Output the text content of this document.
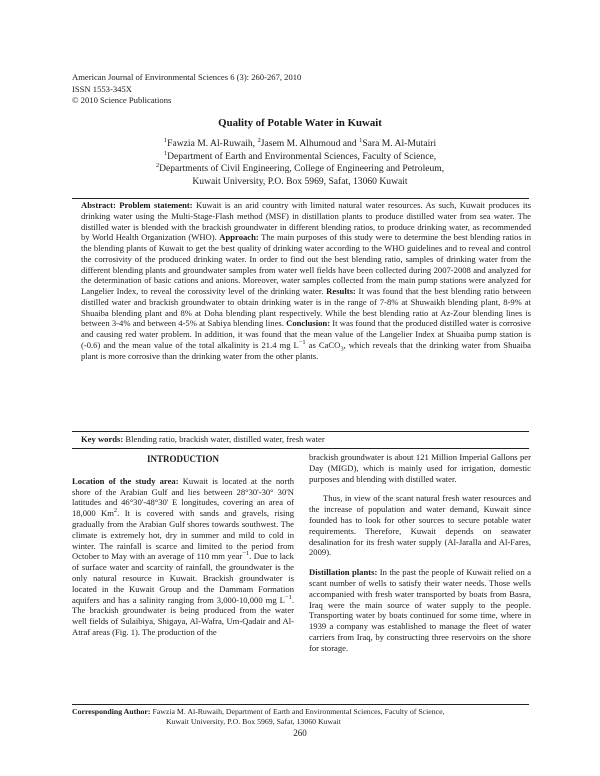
American Journal of Environmental Sciences 6 (3): 260-267, 2010
ISSN 1553-345X
© 2010 Science Publications
Quality of Potable Water in Kuwait
$^1$Fawzia M. Al-Ruwaih, $^2$Jasem M. Alhumoud and $^1$Sara M. Al-Mutairi
$^1$Department of Earth and Environmental Sciences, Faculty of Science,
$^2$Departments of Civil Engineering, College of Engineering and Petroleum,
Kuwait University, P.O. Box 5969, Safat, 13060 Kuwait

Abstract: Problem statement: Kuwait is an arid country with limited natural water resources. As such, Kuwait produces its drinking water using the Multi-Stage-Flash method (MSF) in distillation plants to produce distilled water from sea water. The distilled water is blended with the brackish groundwater in different blending ratios, to produce drinking water, as recommended by World Health Organization (WHO). Approach: The main purposes of this study were to determine the best blending ratios in the blending plants of Kuwait to get the best quality of drinking water according to the WHO guidelines and to reveal and control the corrosivity of the produced drinking water. In order to find out the best blending ratio, samples of drinking water from the different blending plants and groundwater samples from water well fields have been collected during 2007-2008 and analyzed for the determination of basic cations and anions. Moreover, water samples collected from the main pump stations were analyzed for Langelier Index, to reveal the corossivity level of the drinking water. Results: It was found that the best blending ratio between distilled water and brackish groundwater to obtain drinking water is in the range of 7-8% at Shuwaikh blending plant, 8-9% at Shuaiba blending plant and 8% at Doha blending plant respectively. While the best blending ratio at Az-Zour blending lines is between 3-4% and between 4-5% at Sabiya blending lines. Conclusion: It was found that the produced distilled water is corrosive and causing red water problem. In addition, it was found that the mean value of the Langelier Index at Shuaiba pump station is (-0.6) and the mean value of the total alkalinity is 21.4 mg $L^{-1}$ as CaCO$_3$, which reveals that the drinking water from Shuaiba plant is more corrosive than the drinking water from the other plants.

Key words: Blending ratio, brackish water, distilled water, fresh water

INTRODUCTION

Location of the study area: Kuwait is located at the north shore of the Arabian Gulf and lies between 28°30'-30° 30'N latitudes and 46°30'-48°30' E longitudes, covering an area of 18,000 Km$^2$. It is covered with sands and gravels, rising gradually from the Arabian Gulf shores towards southwest. The climate is extremely hot, dry in summer and mild to cold in winter. The rainfall is scarce and limited to the period from October to May with an average of 110 mm year$^{-1}$. Due to lack of surface water and scarcity of rainfall, the groundwater is the only natural resource in Kuwait. Brackish groundwater is located in the Kuwait Group and the Dammam Formation aquifers and has a salinity ranging from 3,000-10,000 mg $L^{-1}$. The brackish groundwater is being produced from the water well fields of Sulaibiya, Shigaya, Al-Wafra, Um-Qadair and Al-Atraf areas (Fig. 1). The production of the

brackish groundwater is about 121 Million Imperial Gallons per Day (MIGD), which is mainly used for irrigation, domestic purposes and blending with distilled water.

Thus, in view of the scant natural fresh water resources and the increase of population and water demand, Kuwait since founded has to look for other sources to secure potable water requirements. Therefore, Kuwait depends on seawater desalination for its fresh water supply (Al-Jaralla and Al-Fares, 2009).

Distillation plants: In the past the people of Kuwait relied on a scant number of wells to satisfy their water needs. Those wells accompanied with fresh water transported by boats from Basra, Iraq were the main source of water supply to the people. Transporting water by boats continued for some time, where in 1939 a company was established to manage the fleet of water carriers from Iraq, by constructing three reservoirs on the shore for storage.

Corresponding Author: Fawzia M. Al-Ruwaih, Department of Earth and Environmental Sciences, Faculty of Science,
Kuwait University, P.O. Box 5969, Safat, 13060 Kuwait
260
